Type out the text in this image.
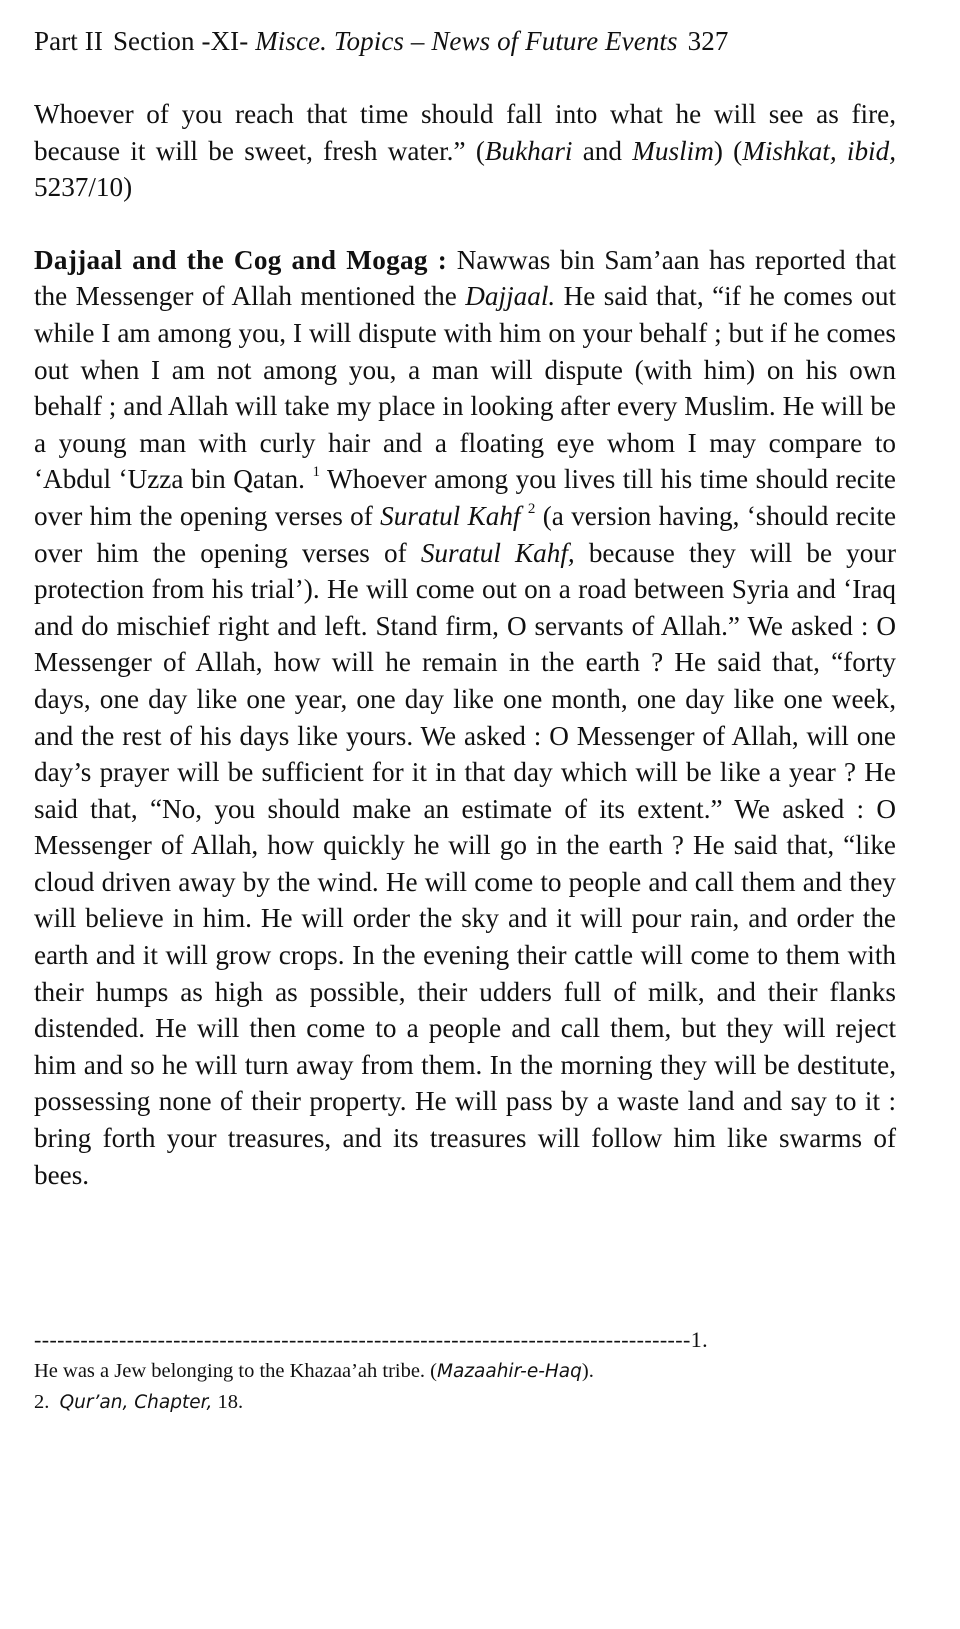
Part II Section -XI- Misce. Topics – News of Future Events 327

Whoever of you reach that time should fall into what he will see as fire, because it will be sweet, fresh water.” (Bukhari and Muslim) (Mishkat, ibid, 5237/10)

Dajjaal and the Cog and Mogag : Nawwas bin Sam’aan has reported that the Messenger of Allah mentioned the Dajjaal. He said that, “if he comes out while I am among you, I will dispute with him on your behalf ; but if he comes out when I am not among you, a man will dispute (with him) on his own behalf ; and Allah will take my place in looking after every Muslim. He will be a young man with curly hair and a floating eye whom I may compare to ‘Abdul ‘Uzza bin Qatan. $^1$ Whoever among you lives till his time should recite over him the opening verses of Suratul Kahf $^2$ (a version having, ‘should recite over him the opening verses of Suratul Kahf, because they will be your protection from his trial’). He will come out on a road between Syria and ‘Iraq and do mischief right and left. Stand firm, O servants of Allah.” We asked : O Messenger of Allah, how will he remain in the earth ? He said that, “forty days, one day like one year, one day like one month, one day like one week, and the rest of his days like yours. We asked : O Messenger of Allah, will one day’s prayer will be sufficient for it in that day which will be like a year ? He said that, “No, you should make an estimate of its extent.” We asked : O Messenger of Allah, how quickly he will go in the earth ? He said that, “like cloud driven away by the wind. He will come to people and call them and they will believe in him. He will order the sky and it will pour rain, and order the earth and it will grow crops. In the evening their cattle will come to them with their humps as high as possible, their udders full of milk, and their flanks distended. He will then come to a people and call them, but they will reject him and so he will turn away from them. In the morning they will be destitute, possessing none of their property. He will pass by a waste land and say to it : bring forth your treasures, and its treasures will follow him like swarms of bees.

-------------------------------------------------------------------------------------1.
He was a Jew belonging to the Khazaa’ah tribe. (Mazaahir-e-Haq).
2. Qur’an, Chapter, 18.
